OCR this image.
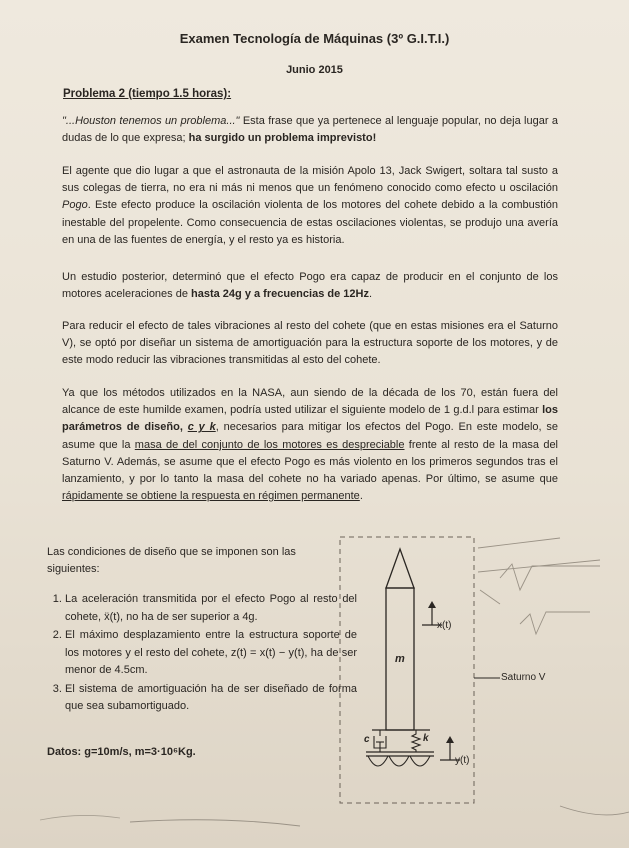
Examen Tecnología de Máquinas (3º G.I.T.I.)
Junio 2015
Problema 2 (tiempo 1.5 horas):

"...Houston tenemos un problema..." Esta frase que ya pertenece al lenguaje popular, no deja lugar a dudas de lo que expresa; ha surgido un problema imprevisto!

El agente que dio lugar a que el astronauta de la misión Apolo 13, Jack Swigert, soltara tal susto a sus colegas de tierra, no era ni más ni menos que un fenómeno conocido como efecto u oscilación Pogo. Este efecto produce la oscilación violenta de los motores del cohete debido a la combustión inestable del propelente. Como consecuencia de estas oscilaciones violentas, se produjo una avería en una de las fuentes de energía, y el resto ya es historia.

Un estudio posterior, determinó que el efecto Pogo era capaz de producir en el conjunto de los motores aceleraciones de hasta 24g y a frecuencias de 12Hz.

Para reducir el efecto de tales vibraciones al resto del cohete (que en estas misiones era el Saturno V), se optó por diseñar un sistema de amortiguación para la estructura soporte de los motores, y de este modo reducir las vibraciones transmitidas al esto del cohete.

Ya que los métodos utilizados en la NASA, aun siendo de la década de los 70, están fuera del alcance de este humilde examen, podría usted utilizar el siguiente modelo de 1 g.d.l para estimar los parámetros de diseño, c y k, necesarios para mitigar los efectos del Pogo. En este modelo, se asume que la masa de del conjunto de los motores es despreciable frente al resto de la masa del Saturno V. Además, se asume que el efecto Pogo es más violento en los primeros segundos tras el lanzamiento, y por lo tanto la masa del cohete no ha variado apenas. Por último, se asume que rápidamente se obtiene la respuesta en régimen permanente.

Las condiciones de diseño que se imponen son las siguientes:
1. La aceleración transmitida por el efecto Pogo al resto del cohete, ẍ(t), no ha de ser superior a 4g.
2. El máximo desplazamiento entre la estructura soporte de los motores y el resto del cohete, z(t) = x(t) − y(t), ha de ser menor de 4.5cm.
3. El sistema de amortiguación ha de ser diseñado de forma que sea subamortiguado.
Datos: g=10m/s, m=3·10⁶Kg.
x(t)
m
Saturno V
c	k
y(t)
